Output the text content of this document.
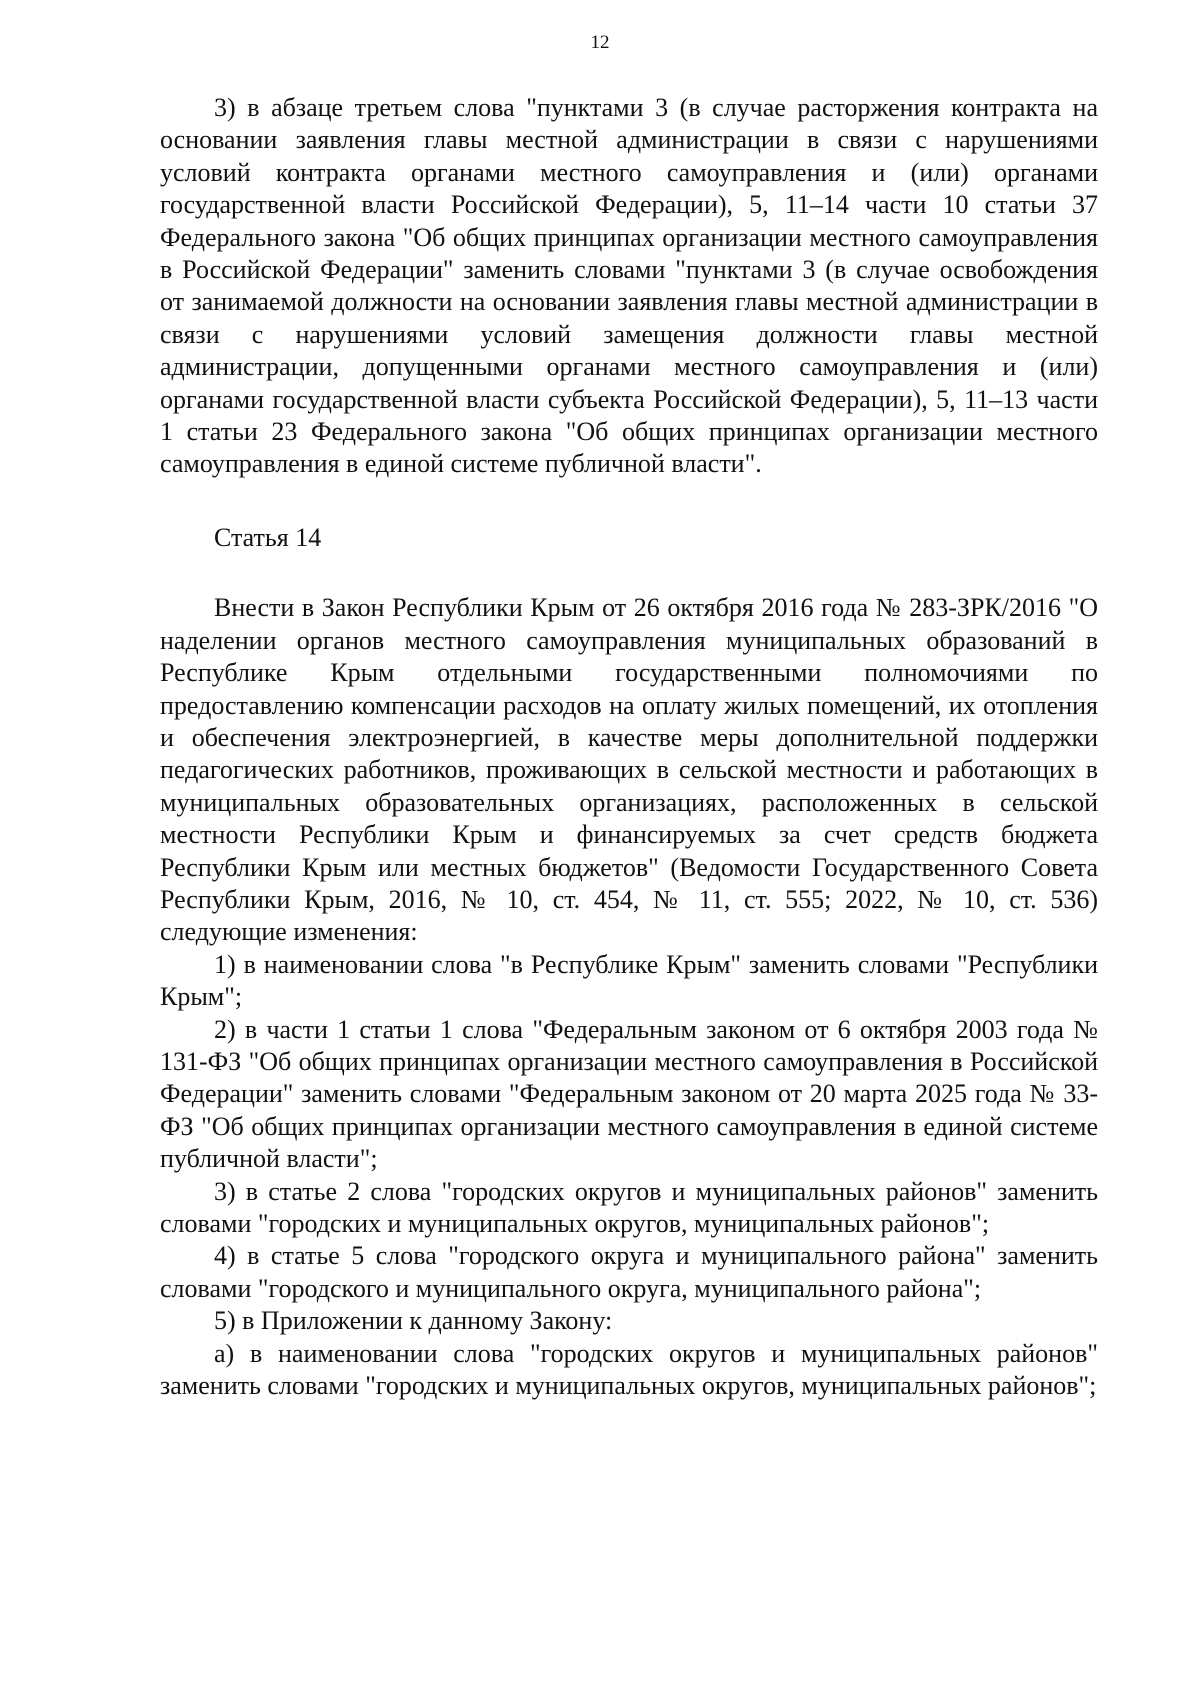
12

3) в абзаце третьем слова "пунктами 3 (в случае расторжения контракта на основании заявления главы местной администрации в связи с нарушениями условий контракта органами местного самоуправления и (или) органами государственной власти Российской Федерации), 5, 11–14 части 10 статьи 37 Федерального закона "Об общих принципах организации местного самоуправления в Российской Федерации" заменить словами "пунктами 3 (в случае освобождения от занимаемой должности на основании заявления главы местной администрации в связи с нарушениями условий замещения должности главы местной администрации, допущенными органами местного самоуправления и (или) органами государственной власти субъекта Российской Федерации), 5, 11–13 части 1 статьи 23 Федерального закона "Об общих принципах организации местного самоуправления в единой системе публичной власти".

Статья 14

Внести в Закон Республики Крым от 26 октября 2016 года № 283-ЗРК/2016 "О наделении органов местного самоуправления муниципальных образований в Республике Крым отдельными государственными полномочиями по предоставлению компенсации расходов на оплату жилых помещений, их отопления и обеспечения электроэнергией, в качестве меры дополнительной поддержки педагогических работников, проживающих в сельской местности и работающих в муниципальных образовательных организациях, расположенных в сельской местности Республики Крым и финансируемых за счет средств бюджета Республики Крым или местных бюджетов" (Ведомости Государственного Совета Республики Крым, 2016, № 10, ст. 454, № 11, ст. 555; 2022, № 10, ст. 536) следующие изменения:

1) в наименовании слова "в Республике Крым" заменить словами "Республики Крым";

2) в части 1 статьи 1 слова "Федеральным законом от 6 октября 2003 года № 131-ФЗ "Об общих принципах организации местного самоуправления в Российской Федерации" заменить словами "Федеральным законом от 20 марта 2025 года № 33-ФЗ "Об общих принципах организации местного самоуправления в единой системе публичной власти";

3) в статье 2 слова "городских округов и муниципальных районов" заменить словами "городских и муниципальных округов, муниципальных районов";

4) в статье 5 слова "городского округа и муниципального района" заменить словами "городского и муниципального округа, муниципального района";

5) в Приложении к данному Закону:

а) в наименовании слова "городских округов и муниципальных районов" заменить словами "городских и муниципальных округов, муниципальных районов";
